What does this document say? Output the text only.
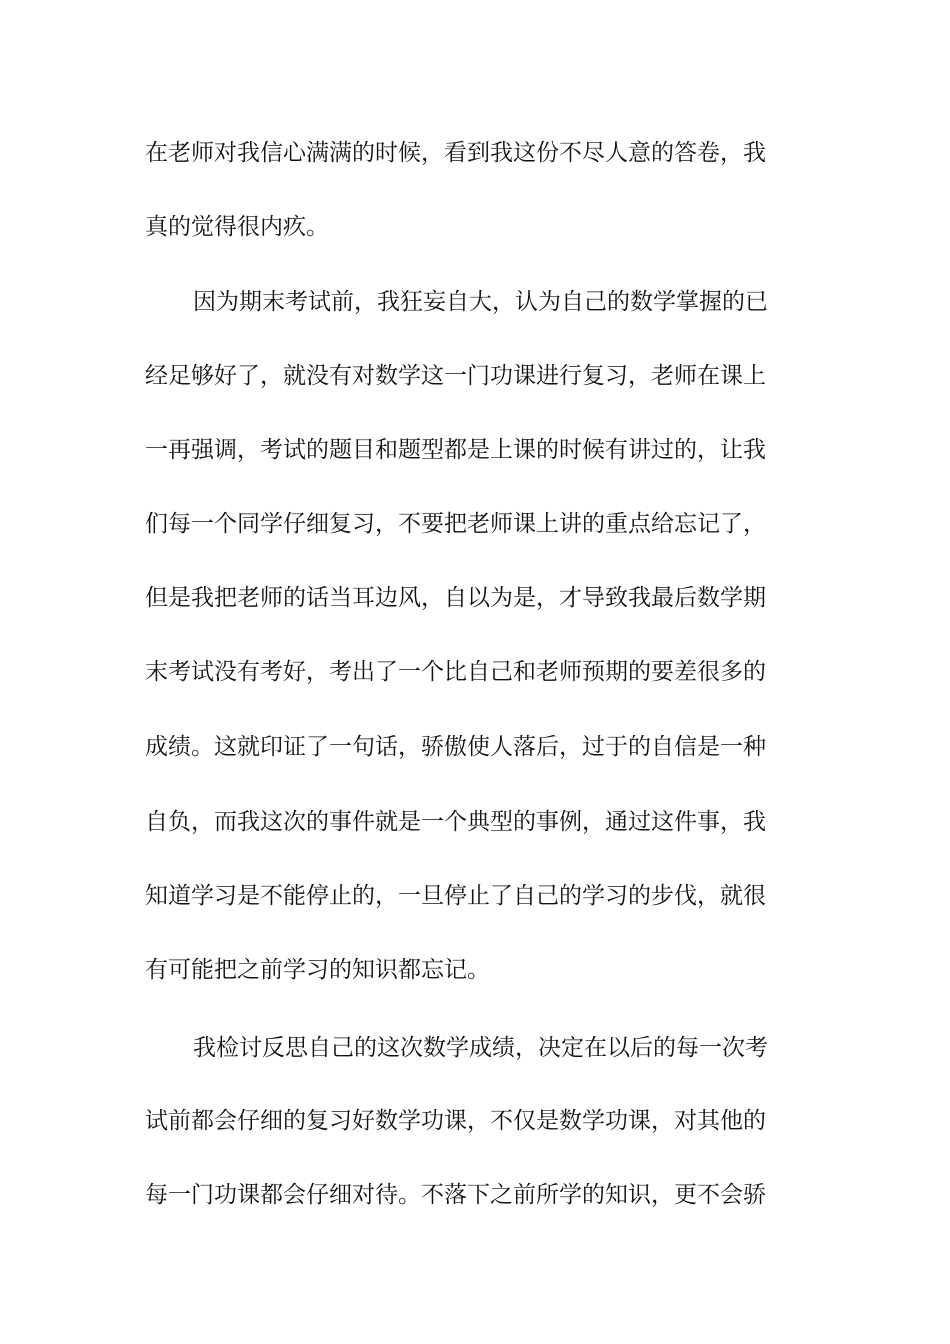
在老师对我信心满满的时候，看到我这份不尽人意的答卷，我
真的觉得很内疚。
因为期末考试前，我狂妄自大，认为自己的数学掌握的已
经足够好了，就没有对数学这一门功课进行复习，老师在课上
一再强调，考试的题目和题型都是上课的时候有讲过的，让我
们每一个同学仔细复习，不要把老师课上讲的重点给忘记了，
但是我把老师的话当耳边风，自以为是，才导致我最后数学期
末考试没有考好，考出了一个比自己和老师预期的要差很多的
成绩。这就印证了一句话，骄傲使人落后，过于的自信是一种
自负，而我这次的事件就是一个典型的事例，通过这件事，我
知道学习是不能停止的，一旦停止了自己的学习的步伐，就很
有可能把之前学习的知识都忘记。
我检讨反思自己的这次数学成绩，决定在以后的每一次考
试前都会仔细的复习好数学功课，不仅是数学功课，对其他的
每一门功课都会仔细对待。不落下之前所学的知识，更不会骄
